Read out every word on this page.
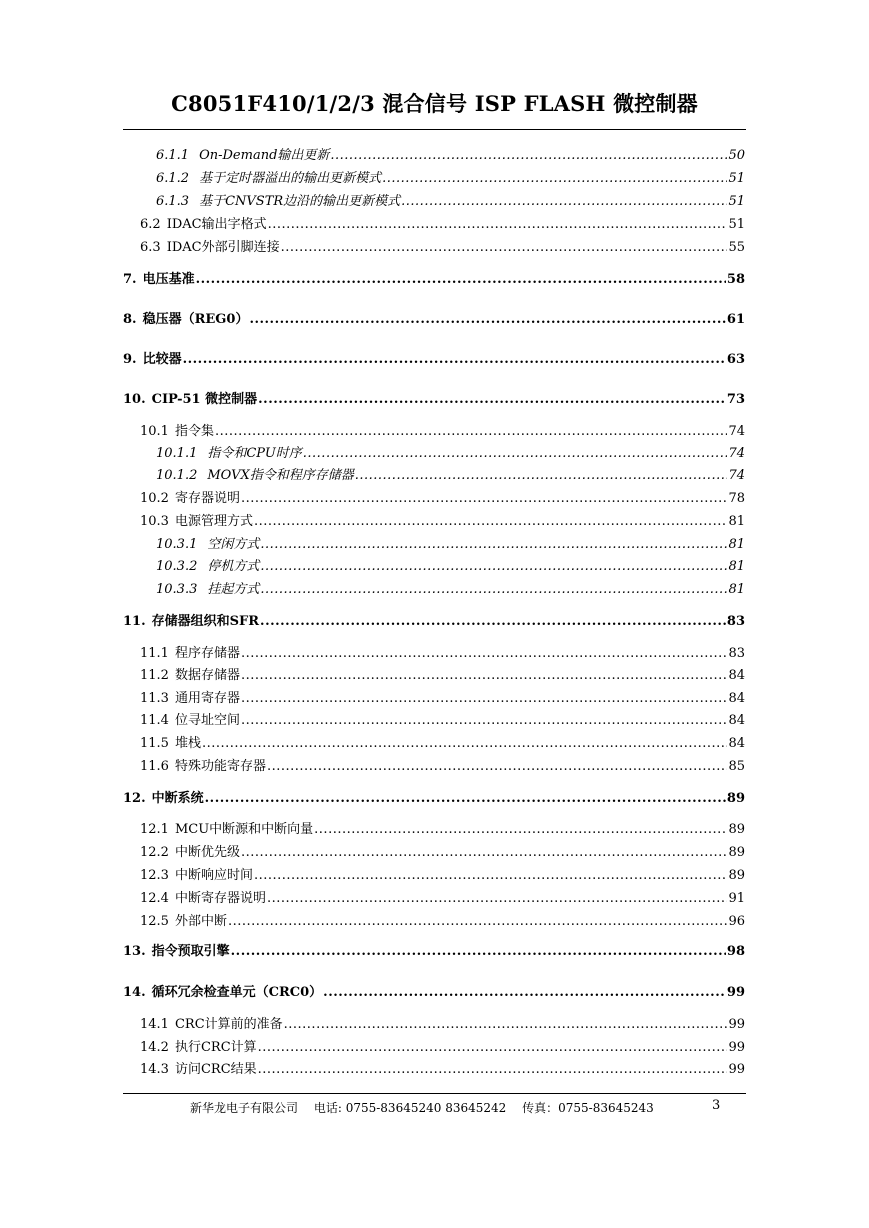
C8051F410/1/2/3 混合信号 ISP FLASH 微控制器
6.1.1 On-Demand输出更新 .....	50
6.1.2 基于定时器溢出的输出更新模式 .....	51
6.1.3 基于CNVSTR边沿的输出更新模式 .....	51
6.2 IDAC输出字格式 .....	51
6.3 IDAC外部引脚连接 .....	55
7. 电压基准 .....	58
8. 稳压器（REG0） .....	61
9. 比较器 .....	63
10. CIP-51 微控制器 .....	73
10.1 指令集 .....	74
10.1.1 指令和CPU时序 .....	74
10.1.2 MOVX指令和程序存储器 .....	74
10.2 寄存器说明 .....	78
10.3 电源管理方式 .....	81
10.3.1 空闲方式 .....	81
10.3.2 停机方式 .....	81
10.3.3 挂起方式 .....	81
11. 存储器组织和SFR .....	83
11.1 程序存储器 .....	83
11.2 数据存储器 .....	84
11.3 通用寄存器 .....	84
11.4 位寻址空间 .....	84
11.5 堆栈 .....	84
11.6 特殊功能寄存器 .....	85
12. 中断系统 .....	89
12.1 MCU中断源和中断向量 .....	89
12.2 中断优先级 .....	89
12.3 中断响应时间 .....	89
12.4 中断寄存器说明 .....	91
12.5 外部中断 .....	96
13. 指令预取引擎 .....	98
14. 循环冗余检查单元（CRC0） .....	99
14.1 CRC计算前的准备 .....	99
14.2 执行CRC计算 .....	99
14.3 访问CRC结果 .....	99
新华龙电子有限公司 电话: 0755-83645240 83645242 传真：0755-83645243	3
